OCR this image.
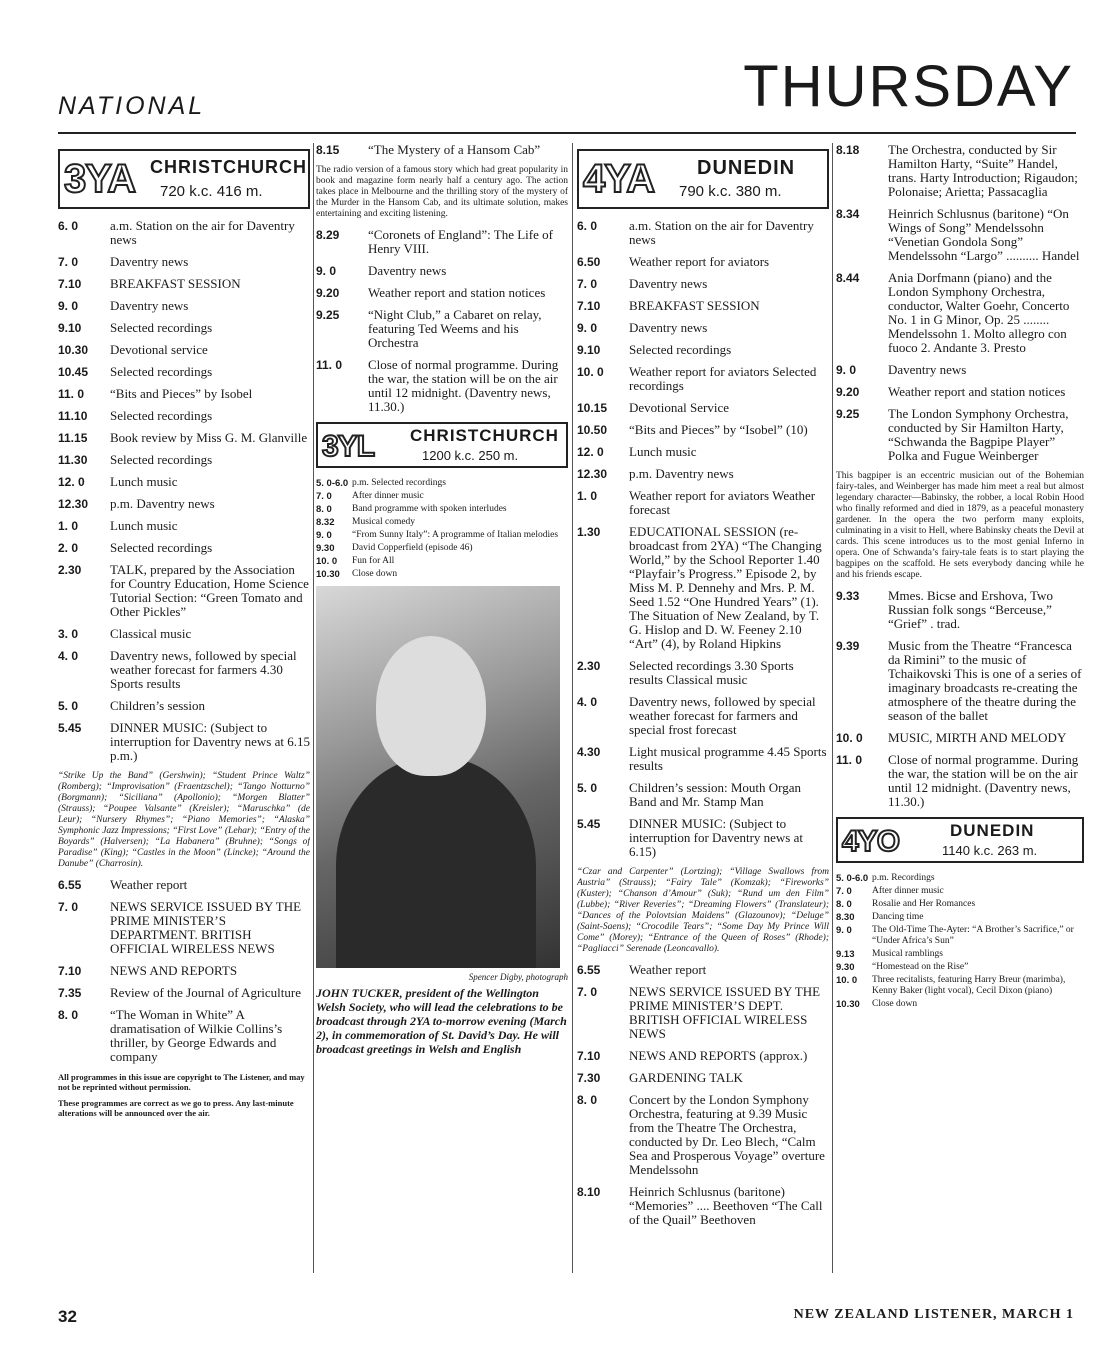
NATIONAL	THURSDAY
3YA CHRISTCHURCH
720 k.c. 416 m.
6. 0	a.m. Station on the air for Daventry news
7. 0	Daventry news
7.10	BREAKFAST SESSION
9. 0	Daventry news
9.10	Selected recordings
10.30	Devotional service
10.45	Selected recordings
11. 0	“Bits and Pieces” by Isobel
11.10	Selected recordings
11.15	Book review by Miss G. M. Glanville
11.30	Selected recordings
12. 0	Lunch music
12.30	p.m. Daventry news
1. 0	Lunch music
2. 0	Selected recordings
2.30	TALK, prepared by the Association for Country Education, Home Science Tutorial Section: “Green Tomato and Other Pickles”
3. 0	Classical music
4. 0	Daventry news, followed by special weather forecast for farmers 4.30 Sports results
5. 0	Children’s session
5.45	DINNER MUSIC: (Subject to interruption for Daventry news at 6.15 p.m.)
“Strike Up the Band” (Gershwin); “Student Prince Waltz” (Romberg); “Improvisation” (Fraentzschel); “Tango Notturno” (Borgmann); “Siciliana” (Apollonio); “Morgen Blatter” (Strauss); “Poupee Valsante” (Kreisler); “Maruschka” (de Leur); “Nursery Rhymes”; “Piano Memories”; “Alaska” Symphonic Jazz Impressions; “First Love” (Lehar); “Entry of the Boyards” (Halversen); “La Habanera” (Bruhne); “Songs of Paradise” (King); “Castles in the Moon” (Lincke); “Around the Danube” (Charrosin).
6.55	Weather report
7. 0	NEWS SERVICE ISSUED BY THE PRIME MINISTER’S DEPARTMENT. BRITISH OFFICIAL WIRELESS NEWS
7.10	NEWS AND REPORTS
7.35	Review of the Journal of Agriculture
8. 0	“The Woman in White” A dramatisation of Wilkie Collins’s thriller, by George Edwards and company
All programmes in this issue are copyright to The Listener, and may not be reprinted without permission.
These programmes are correct as we go to press. Any last-minute alterations will be announced over the air.
8.15	“The Mystery of a Hansom Cab”
The radio version of a famous story which had great popularity in book and magazine form nearly half a century ago. The action takes place in Melbourne and the thrilling story of the mystery of the Murder in the Hansom Cab, and its ultimate solution, makes entertaining and exciting listening.
8.29	“Coronets of England”: The Life of Henry VIII.
9. 0	Daventry news
9.20	Weather report and station notices
9.25	“Night Club,” a Cabaret on relay, featuring Ted Weems and his Orchestra
11. 0	Close of normal programme. During the war, the station will be on the air until 12 midnight. (Daventry news, 11.30.)
3YL CHRISTCHURCH
1200 k.c. 250 m.
5. 0-6.0 p.m. Selected recordings
7. 0	After dinner music
8. 0	Band programme with spoken interludes
8.32	Musical comedy
9. 0	“From Sunny Italy”: A programme of Italian melodies
9.30	David Copperfield (episode 46)
10. 0	Fun for All
10.30	Close down
Spencer Digby, photograph
JOHN TUCKER, president of the Wellington Welsh Society, who will lead the celebrations to be broadcast through 2YA to-morrow evening (March 2), in commemoration of St. David’s Day. He will broadcast greetings in Welsh and English
4YA DUNEDIN
790 k.c. 380 m.
6. 0	a.m. Station on the air for Daventry news
6.50	Weather report for aviators
7. 0	Daventry news
7.10	BREAKFAST SESSION
9. 0	Daventry news
9.10	Selected recordings
10. 0	Weather report for aviators Selected recordings
10.15	Devotional Service
10.50	“Bits and Pieces” by “Isobel” (10)
12. 0	Lunch music
12.30	p.m. Daventry news
1. 0	Weather report for aviators Weather forecast
1.30	EDUCATIONAL SESSION (re-broadcast from 2YA) “The Changing World,” by the School Reporter 1.40 “Playfair’s Progress.” Episode 2, by Miss M. P. Dennehy and Mrs. P. M. Seed 1.52 “One Hundred Years” (1). The Situation of New Zealand, by T. G. Hislop and D. W. Feeney 2.10 “Art” (4), by Roland Hipkins
2.30	Selected recordings 3.30 Sports results Classical music
4. 0	Daventry news, followed by special weather forecast for farmers and special frost forecast
4.30	Light musical programme 4.45 Sports results
5. 0	Children’s session: Mouth Organ Band and Mr. Stamp Man
5.45	DINNER MUSIC: (Subject to interruption for Daventry news at 6.15)
“Czar and Carpenter” (Lortzing); “Village Swallows from Austria” (Strauss); “Fairy Tale” (Komzak); “Fireworks” (Kuster); “Chanson d’Amour” (Suk); “Rund um den Film” (Lubbe); “River Reveries”; “Dreaming Flowers” (Translateur); “Dances of the Polovtsian Maidens” (Glazounov); “Deluge” (Saint-Saens); “Crocodile Tears”; “Some Day My Prince Will Come” (Morey); “Entrance of the Queen of Roses” (Rhode); “Pagliacci” Serenade (Leoncavallo).
6.55	Weather report
7. 0	NEWS SERVICE ISSUED BY THE PRIME MINISTER’S DEPT. BRITISH OFFICIAL WIRELESS NEWS
7.10	NEWS AND REPORTS (approx.)
7.30	GARDENING TALK
8. 0	Concert by the London Symphony Orchestra, featuring at 9.39 Music from the Theatre The Orchestra, conducted by Dr. Leo Blech, “Calm Sea and Prosperous Voyage” overture Mendelssohn
8.10	Heinrich Schlusnus (baritone) “Memories” .... Beethoven “The Call of the Quail” Beethoven
8.18	The Orchestra, conducted by Sir Hamilton Harty, “Suite” Handel, trans. Harty Introduction; Rigaudon; Polonaise; Arietta; Passacaglia
8.34	Heinrich Schlusnus (baritone) “On Wings of Song” Mendelssohn “Venetian Gondola Song” Mendelssohn “Largo” .......... Handel
8.44	Ania Dorfmann (piano) and the London Symphony Orchestra, conductor, Walter Goehr, Concerto No. 1 in G Minor, Op. 25 ........ Mendelssohn 1. Molto allegro con fuoco 2. Andante 3. Presto
9. 0	Daventry news
9.20	Weather report and station notices
9.25	The London Symphony Orchestra, conducted by Sir Hamilton Harty, “Schwanda the Bagpipe Player” Polka and Fugue Weinberger
This bagpiper is an eccentric musician out of the Bohemian fairy-tales, and Weinberger has made him meet a real but almost legendary character—Babinsky, the robber, a local Robin Hood who finally reformed and died in 1879, as a peaceful monastery gardener. In the opera the two perform many exploits, culminating in a visit to Hell, where Babinsky cheats the Devil at cards. This scene introduces us to the most genial Inferno in opera. One of Schwanda’s fairy-tale feats is to start playing the bagpipes on the scaffold. He sets everybody dancing while he and his friends escape.
9.33	Mmes. Bicse and Ershova, Two Russian folk songs “Berceuse,” “Grief” . trad.
9.39	Music from the Theatre “Francesca da Rimini” to the music of Tchaikovski This is one of a series of imaginary broadcasts re-creating the atmosphere of the theatre during the season of the ballet
10. 0	MUSIC, MIRTH AND MELODY
11. 0	Close of normal programme. During the war, the station will be on the air until 12 midnight. (Daventry news, 11.30.)
4YO	DUNEDIN
1140 k.c. 263 m.
5. 0-6.0 p.m. Recordings
7. 0	After dinner music
8. 0	Rosalie and Her Romances
8.30	Dancing time
9. 0	The Old-Time The-Ayter: “A Brother’s Sacrifice,” or “Under Africa’s Sun”
9.13	Musical ramblings
9.30	“Homestead on the Rise”
10. 0	Three recitalists, featuring Harry Breur (marimba), Kenny Baker (light vocal), Cecil Dixon (piano)
10.30	Close down
32	NEW ZEALAND LISTENER, MARCH 1
